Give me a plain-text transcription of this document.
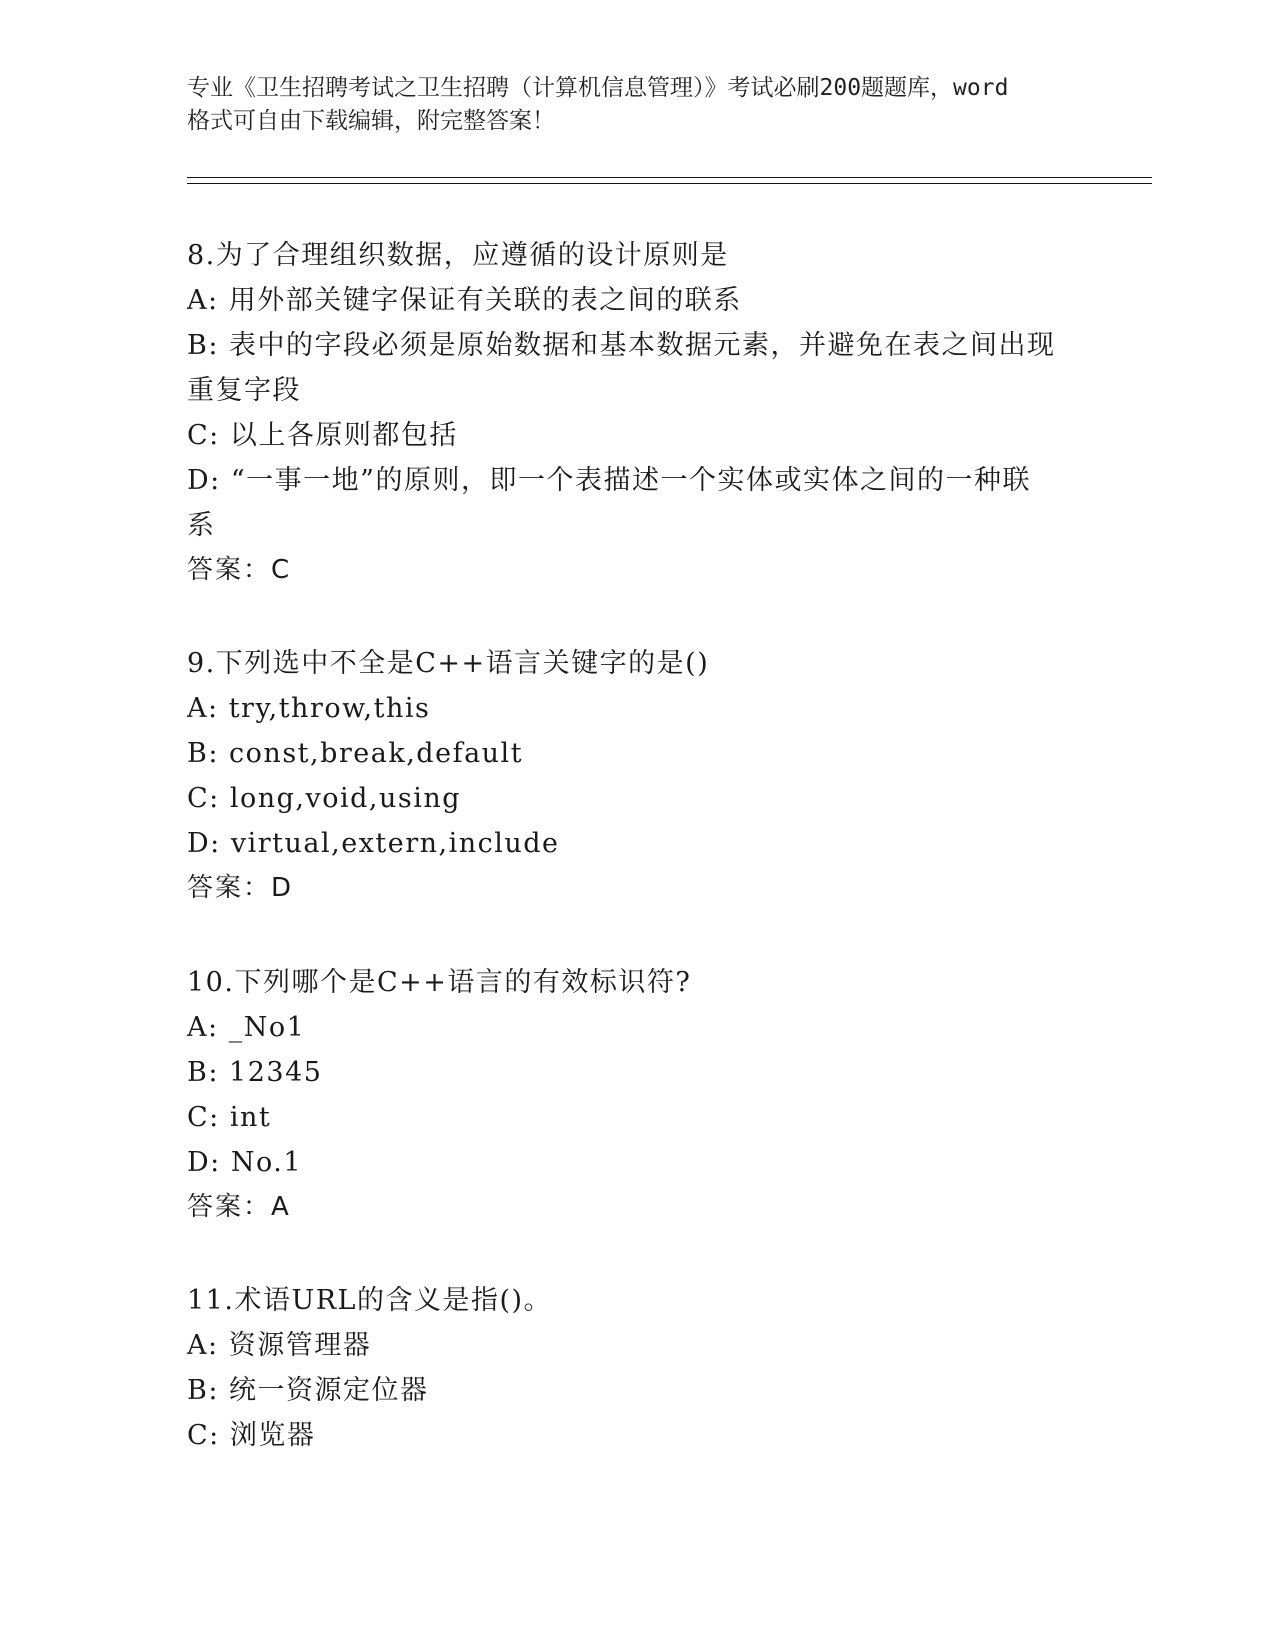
专业《卫生招聘考试之卫生招聘（计算机信息管理）》考试必刷200题题库，word
格式可自由下载编辑，附完整答案！
8.为了合理组织数据，应遵循的设计原则是
A: 用外部关键字保证有关联的表之间的联系
B: 表中的字段必须是原始数据和基本数据元素，并避免在表之间出现
重复字段
C: 以上各原则都包括
D: “一事一地”的原则，即一个表描述一个实体或实体之间的一种联
系
答案：C
9.下列选中不全是C++语言关键字的是()
A: try,throw,this
B: const,break,default
C: long,void,using
D: virtual,extern,include
答案：D
10.下列哪个是C++语言的有效标识符?
A: _No1
B: 12345
C: int
D: No.1
答案：A
11.术语URL的含义是指()。
A: 资源管理器
B: 统一资源定位器
C: 浏览器
